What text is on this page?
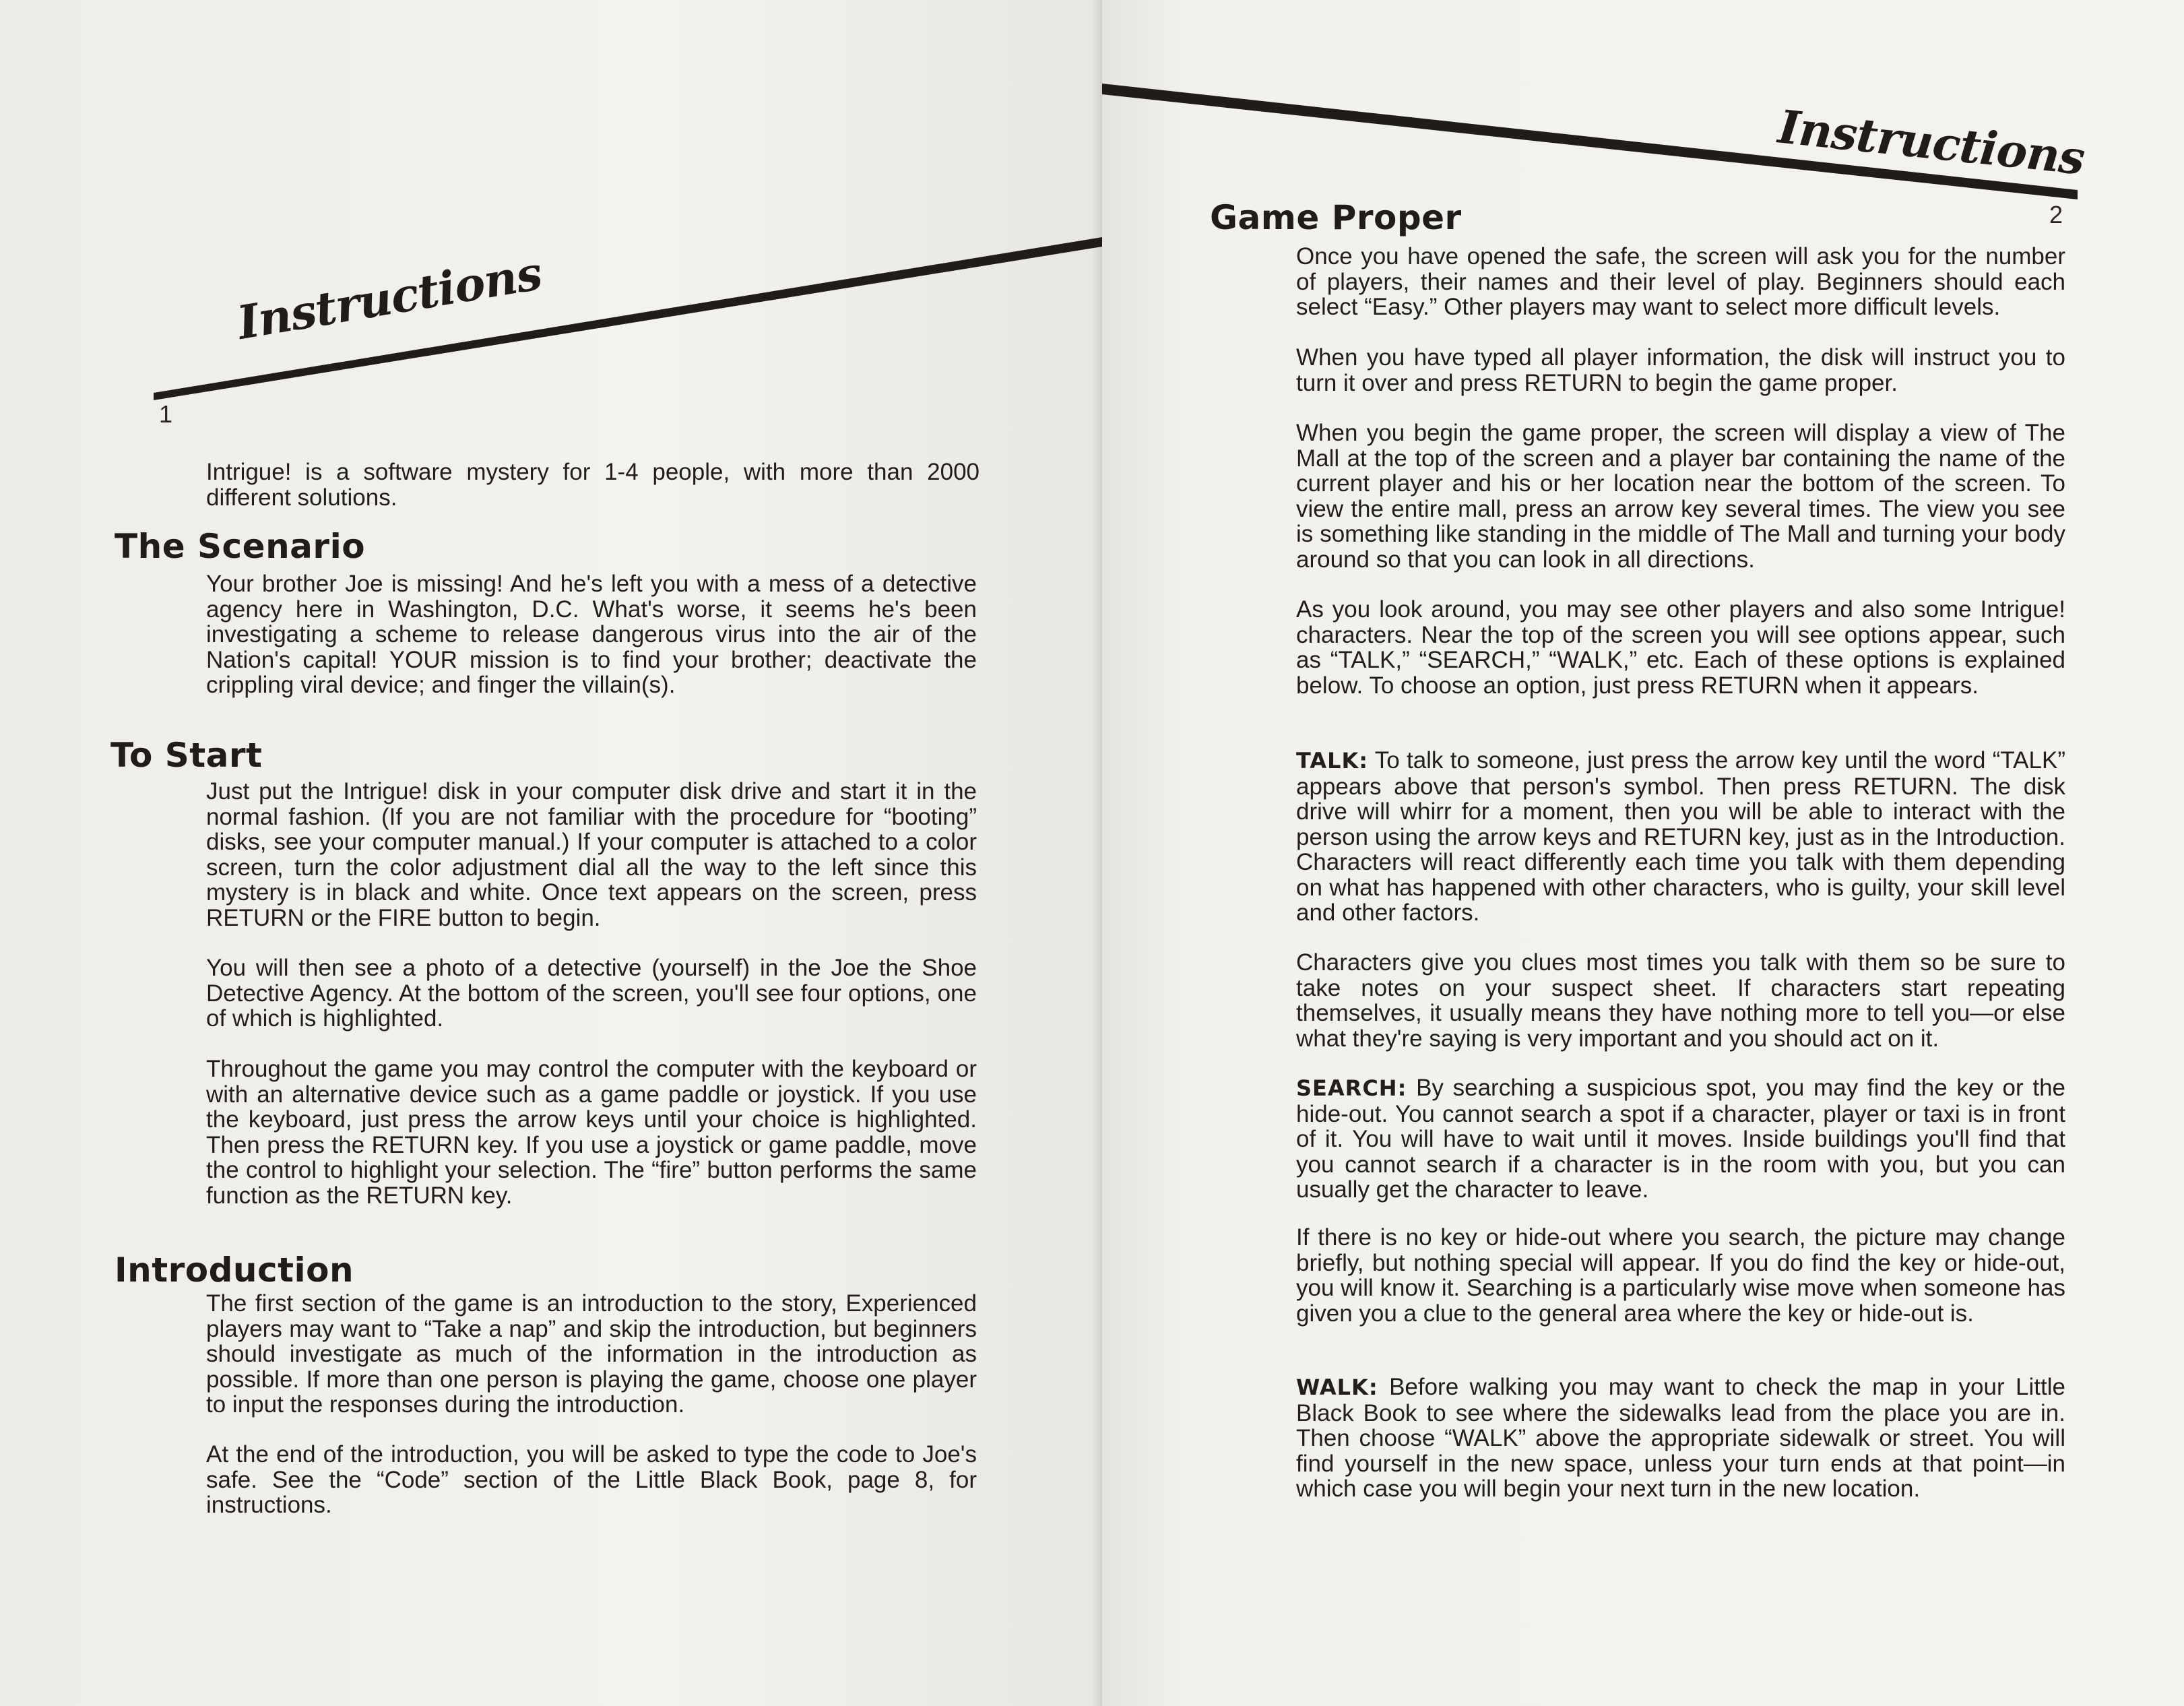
Instructions
1

Intrigue! is a software mystery for 1-4 people, with more than 2000 different solutions.

The Scenario

Your brother Joe is missing! And he's left you with a mess of a detective agency here in Washington, D.C. What's worse, it seems he's been investigating a scheme to release dangerous virus into the air of the Nation's capital! YOUR mission is to find your brother; deactivate the crippling viral device; and finger the villain(s).

To Start

Just put the Intrigue! disk in your computer disk drive and start it in the normal fashion. (If you are not familiar with the procedure for “booting” disks, see your computer manual.) If your computer is attached to a color screen, turn the color adjustment dial all the way to the left since this mystery is in black and white. Once text appears on the screen, press RETURN or the FIRE button to begin.

You will then see a photo of a detective (yourself) in the Joe the Shoe Detective Agency. At the bottom of the screen, you'll see four options, one of which is highlighted.

Throughout the game you may control the computer with the keyboard or with an alternative device such as a game paddle or joystick. If you use the keyboard, just press the arrow keys until your choice is highlighted. Then press the RETURN key. If you use a joystick or game paddle, move the control to highlight your selection. The “fire” button performs the same function as the RETURN key.

Introduction

The first section of the game is an introduction to the story, Experienced players may want to “Take a nap” and skip the introduction, but beginners should investigate as much of the information in the introduction as possible. If more than one person is playing the game, choose one player to input the responses during the introduction.

At the end of the introduction, you will be asked to type the code to Joe's safe. See the “Code” section of the Little Black Book, page 8, for instructions.

Instructions
2
Game Proper

Once you have opened the safe, the screen will ask you for the number of players, their names and their level of play. Beginners should each select “Easy.” Other players may want to select more difficult levels.

When you have typed all player information, the disk will instruct you to turn it over and press RETURN to begin the game proper.

When you begin the game proper, the screen will display a view of The Mall at the top of the screen and a player bar containing the name of the current player and his or her location near the bottom of the screen. To view the entire mall, press an arrow key several times. The view you see is something like standing in the middle of The Mall and turning your body around so that you can look in all directions.

As you look around, you may see other players and also some Intrigue! characters. Near the top of the screen you will see options appear, such as “TALK,” “SEARCH,” “WALK,” etc. Each of these options is explained below. To choose an option, just press RETURN when it appears.

TALK: To talk to someone, just press the arrow key until the word “TALK” appears above that person's symbol. Then press RETURN. The disk drive will whirr for a moment, then you will be able to interact with the person using the arrow keys and RETURN key, just as in the Introduction. Characters will react differently each time you talk with them depending on what has happened with other characters, who is guilty, your skill level and other factors.

Characters give you clues most times you talk with them so be sure to take notes on your suspect sheet. If characters start repeating themselves, it usually means they have nothing more to tell you—or else what they're saying is very important and you should act on it.

SEARCH: By searching a suspicious spot, you may find the key or the hide-out. You cannot search a spot if a character, player or taxi is in front of it. You will have to wait until it moves. Inside buildings you'll find that you cannot search if a character is in the room with you, but you can usually get the character to leave.

If there is no key or hide-out where you search, the picture may change briefly, but nothing special will appear. If you do find the key or hide-out, you will know it. Searching is a particularly wise move when someone has given you a clue to the general area where the key or hide-out is.

WALK: Before walking you may want to check the map in your Little Black Book to see where the sidewalks lead from the place you are in. Then choose “WALK” above the appropriate sidewalk or street. You will find yourself in the new space, unless your turn ends at that point—in which case you will begin your next turn in the new location.
